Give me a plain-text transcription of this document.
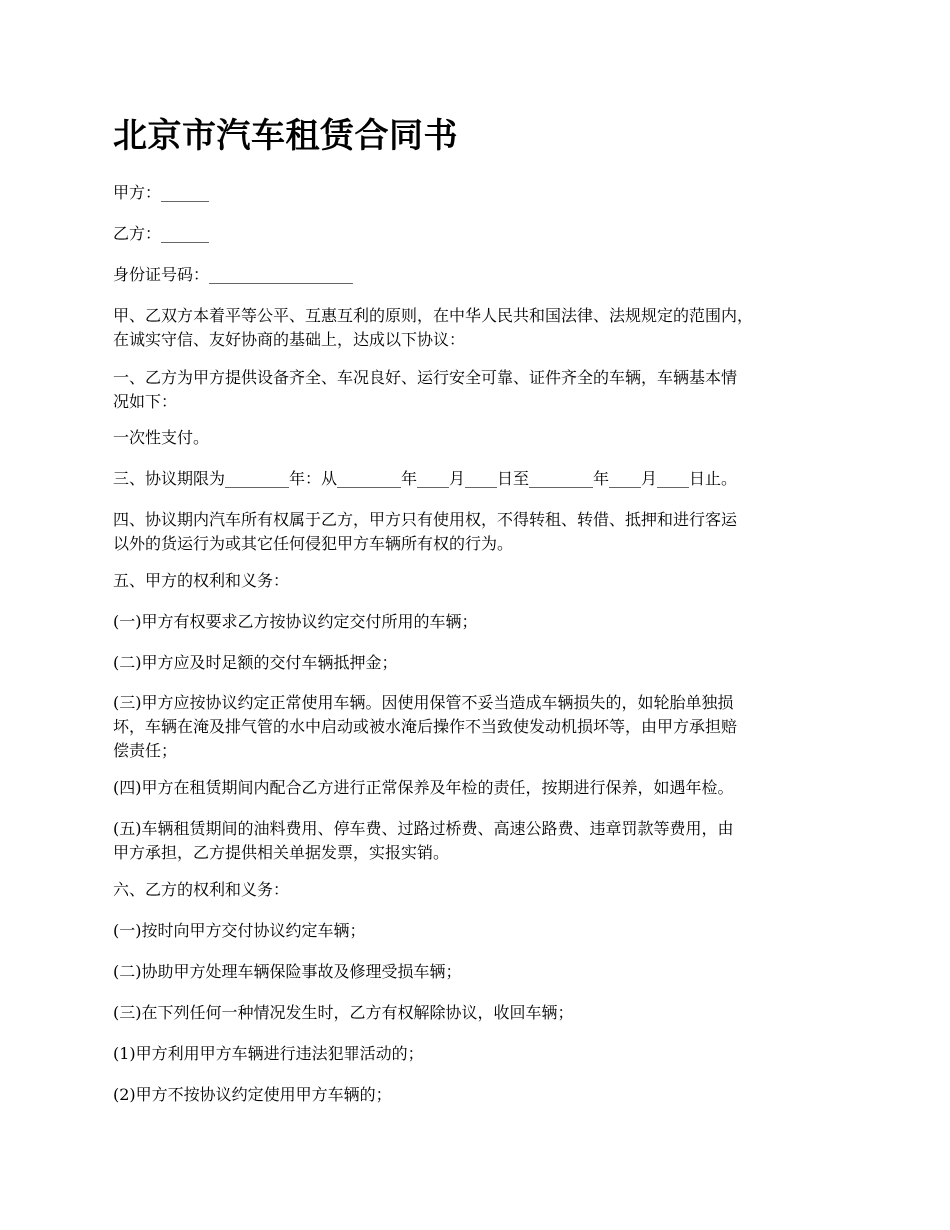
北京市汽车租赁合同书

甲方：______

乙方：______

身份证号码：__________________

甲、乙双方本着平等公平、互惠互利的原则，在中华人民共和国法律、法规规定的范围内，
在诚实守信、友好协商的基础上，达成以下协议：

一、乙方为甲方提供设备齐全、车况良好、运行安全可靠、证件齐全的车辆，车辆基本情
况如下：

一次性支付。

三、协议期限为________年：从________年____月____日至________年____月____日止。

四、协议期内汽车所有权属于乙方，甲方只有使用权，不得转租、转借、抵押和进行客运
以外的货运行为或其它任何侵犯甲方车辆所有权的行为。

五、甲方的权利和义务：

(一)甲方有权要求乙方按协议约定交付所用的车辆；

(二)甲方应及时足额的交付车辆抵押金；

(三)甲方应按协议约定正常使用车辆。因使用保管不妥当造成车辆损失的，如轮胎单独损
坏，车辆在淹及排气管的水中启动或被水淹后操作不当致使发动机损坏等，由甲方承担赔
偿责任；

(四)甲方在租赁期间内配合乙方进行正常保养及年检的责任，按期进行保养，如遇年检。

(五)车辆租赁期间的油料费用、停车费、过路过桥费、高速公路费、违章罚款等费用，由
甲方承担，乙方提供相关单据发票，实报实销。

六、乙方的权利和义务：

(一)按时向甲方交付协议约定车辆；

(二)协助甲方处理车辆保险事故及修理受损车辆；

(三)在下列任何一种情况发生时，乙方有权解除协议，收回车辆；

(1)甲方利用甲方车辆进行违法犯罪活动的；

(2)甲方不按协议约定使用甲方车辆的；
